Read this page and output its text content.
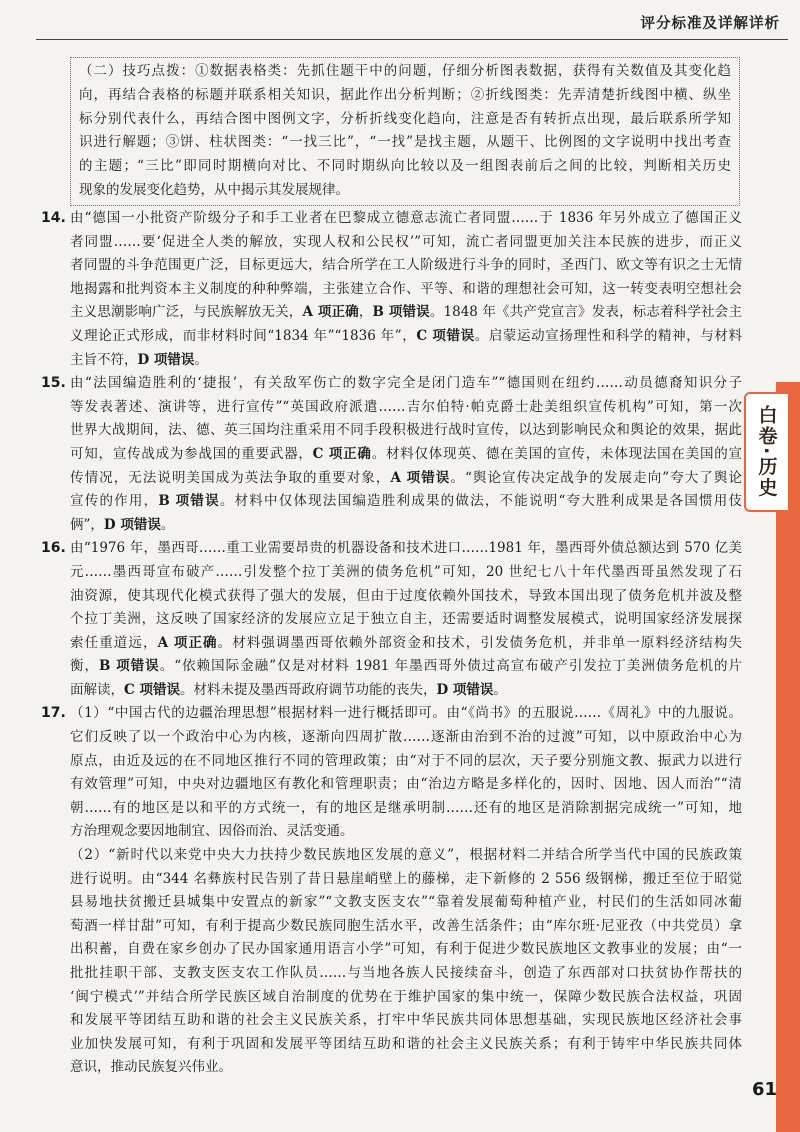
评分标准及详解详析
（二）技巧点拨：①数据表格类：先抓住题干中的问题，仔细分析图表数据，获得有关数值及其变化趋
向，再结合表格的标题并联系相关知识，据此作出分析判断；②折线图类：先弄清楚折线图中横、纵坐
标分别代表什么，再结合图中图例文字，分析折线变化趋向，注意是否有转折点出现，最后联系所学知
识进行解题；③饼、柱状图类：“一找三比”，“一找”是找主题，从题干、比例图的文字说明中找出考查
的主题；“三比”即同时期横向对比、不同时期纵向比较以及一组图表前后之间的比较，判断相关历史
现象的发展变化趋势，从中揭示其发展规律。
14. 由“德国一小批资产阶级分子和手工业者在巴黎成立德意志流亡者同盟……于 1836 年另外成立了德国正义
者同盟……要‘促进全人类的解放，实现人权和公民权’”可知，流亡者同盟更加关注本民族的进步，而正义
者同盟的斗争范围更广泛，目标更远大，结合所学在工人阶级进行斗争的同时，圣西门、欧文等有识之士无情
地揭露和批判资本主义制度的种种弊端，主张建立合作、平等、和谐的理想社会可知，这一转变表明空想社会
主义思潮影响广泛，与民族解放无关，A 项正确，B 项错误。1848 年《共产党宣言》发表，标志着科学社会主
义理论正式形成，而非材料时间“1834 年”“1836 年”，C 项错误。启蒙运动宣扬理性和科学的精神，与材料
主旨不符，D 项错误。
15. 由“法国编造胜利的‘捷报’，有关敌军伤亡的数字完全是闭门造车”“德国则在纽约……动员德裔知识分子
等发表著述、演讲等，进行宣传”“英国政府派遣……吉尔伯特·帕克爵士赴美组织宣传机构”可知，第一次
世界大战期间，法、德、英三国均注重采用不同手段积极进行战时宣传，以达到影响民众和舆论的效果，据此
可知，宣传战成为参战国的重要武器，C 项正确。材料仅体现英、德在美国的宣传，未体现法国在美国的宣
传情况，无法说明美国成为英法争取的重要对象，A 项错误。“舆论宣传决定战争的发展走向”夸大了舆论
宣传的作用，B 项错误。材料中仅体现法国编造胜利成果的做法，不能说明“夸大胜利成果是各国惯用伎
俩”，D 项错误。
16. 由“1976 年，墨西哥……重工业需要昂贵的机器设备和技术进口……1981 年，墨西哥外债总额达到 570 亿美
元……墨西哥宣布破产……引发整个拉丁美洲的债务危机”可知，20 世纪七八十年代墨西哥虽然发现了石
油资源，使其现代化模式获得了强大的发展，但由于过度依赖外国技术，导致本国出现了债务危机并波及整
个拉丁美洲，这反映了国家经济的发展应立足于独立自主，还需要适时调整发展模式，说明国家经济发展探
索任重道远，A 项正确。材料强调墨西哥依赖外部资金和技术，引发债务危机，并非单一原料经济结构失
衡，B 项错误。“依赖国际金融”仅是对材料 1981 年墨西哥外债过高宣布破产引发拉丁美洲债务危机的片
面解读，C 项错误。材料未提及墨西哥政府调节功能的丧失，D 项错误。
17. （1）“中国古代的边疆治理思想”根据材料一进行概括即可。由“《尚书》的五服说……《周礼》中的九服说。
它们反映了以一个政治中心为内核，逐渐向四周扩散……逐渐由治到不治的过渡”可知，以中原政治中心为
原点，由近及远的在不同地区推行不同的管理政策；由“对于不同的层次，天子要分别施文教、振武力以进行
有效管理”可知，中央对边疆地区有教化和管理职责；由“治边方略是多样化的，因时、因地、因人而治”“清
朝……有的地区是以和平的方式统一，有的地区是继承明制……还有的地区是消除割据完成统一”可知，地
方治理观念要因地制宜、因俗而治、灵活变通。
（2）“新时代以来党中央大力扶持少数民族地区发展的意义”，根据材料二并结合所学当代中国的民族政策
进行说明。由“344 名彝族村民告别了昔日悬崖峭壁上的藤梯，走下新修的 2 556 级钢梯，搬迁至位于昭觉
县易地扶贫搬迁县城集中安置点的新家”“文教支医支农”“靠着发展葡萄种植产业，村民们的生活如同冰葡
萄酒一样甘甜”可知，有利于提高少数民族同胞生活水平，改善生活条件；由“库尔班·尼亚孜（中共党员）拿
出积蓄，自费在家乡创办了民办国家通用语言小学”可知，有利于促进少数民族地区文教事业的发展；由“一
批批挂职干部、支教支医支农工作队员……与当地各族人民接续奋斗，创造了东西部对口扶贫协作帮扶的
‘闽宁模式’”并结合所学民族区域自治制度的优势在于维护国家的集中统一，保障少数民族合法权益，巩固
和发展平等团结互助和谐的社会主义民族关系，打牢中华民族共同体思想基础，实现民族地区经济社会事
业加快发展可知，有利于巩固和发展平等团结互助和谐的社会主义民族关系；有利于铸牢中华民族共同体
意识，推动民族复兴伟业。
白卷·历史
61
